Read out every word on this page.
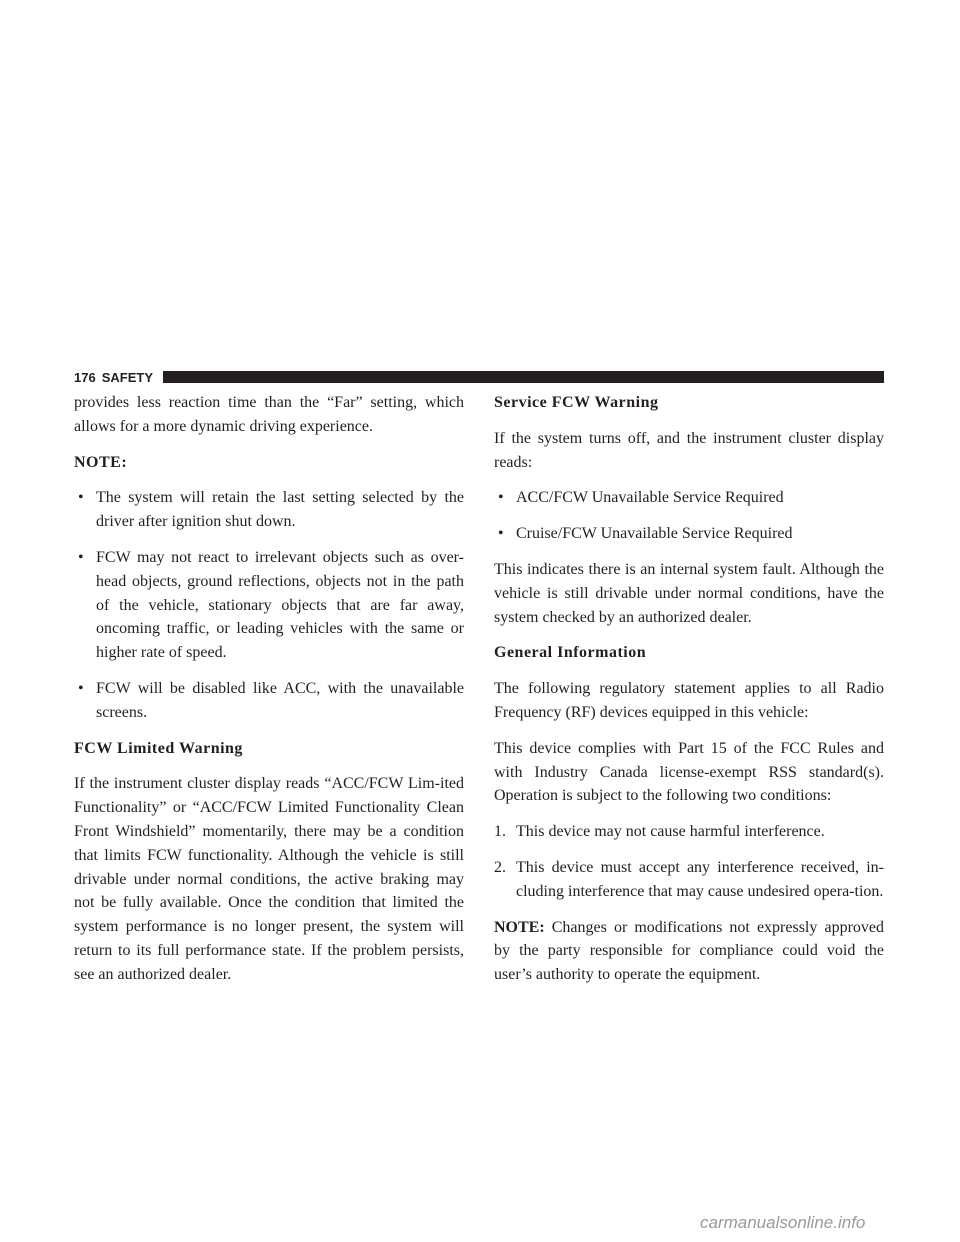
176 SAFETY

provides less reaction time than the “Far” setting, which allows for a more dynamic driving experience.

NOTE:
• The system will retain the last setting selected by the driver after ignition shut down.
• FCW may not react to irrelevant objects such as over-head objects, ground reflections, objects not in the path of the vehicle, stationary objects that are far away, oncoming traffic, or leading vehicles with the same or higher rate of speed.
• FCW will be disabled like ACC, with the unavailable screens.
FCW Limited Warning

If the instrument cluster display reads “ACC/FCW Lim-ited Functionality” or “ACC/FCW Limited Functionality Clean Front Windshield” momentarily, there may be a condition that limits FCW functionality. Although the vehicle is still drivable under normal conditions, the active braking may not be fully available. Once the condition that limited the system performance is no longer present, the system will return to its full performance state. If the problem persists, see an authorized dealer.

Service FCW Warning

If the system turns off, and the instrument cluster display reads:

• ACC/FCW Unavailable Service Required
• Cruise/FCW Unavailable Service Required

This indicates there is an internal system fault. Although the vehicle is still drivable under normal conditions, have the system checked by an authorized dealer.

General Information

The following regulatory statement applies to all Radio Frequency (RF) devices equipped in this vehicle:

This device complies with Part 15 of the FCC Rules and with Industry Canada license-exempt RSS standard(s). Operation is subject to the following two conditions:

1. This device may not cause harmful interference.
2. This device must accept any interference received, in-cluding interference that may cause undesired opera-tion.

NOTE: Changes or modifications not expressly approved by the party responsible for compliance could void the user’s authority to operate the equipment.

carmanualsonline.info
